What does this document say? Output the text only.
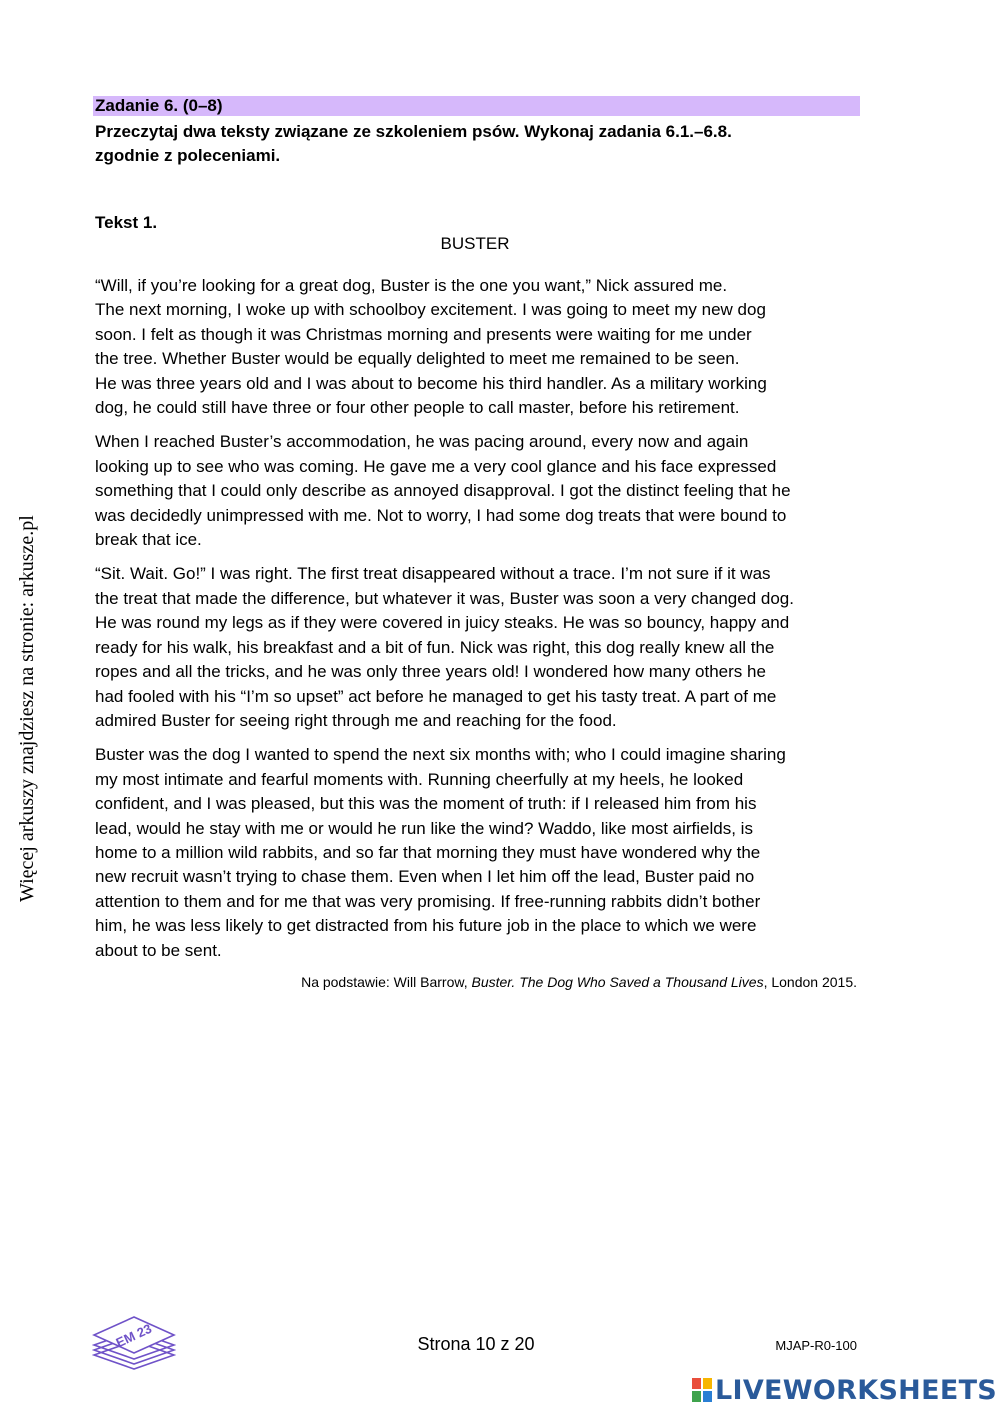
Zadanie 6. (0–8)
Przeczytaj dwa teksty związane ze szkoleniem psów. Wykonaj zadania 6.1.–6.8.
zgodnie z poleceniami.
Tekst 1.
BUSTER

“Will, if you’re looking for a great dog, Buster is the one you want,” Nick assured me.
The next morning, I woke up with schoolboy excitement. I was going to meet my new dog
soon. I felt as though it was Christmas morning and presents were waiting for me under
the tree. Whether Buster would be equally delighted to meet me remained to be seen.
He was three years old and I was about to become his third handler. As a military working
dog, he could still have three or four other people to call master, before his retirement.

When I reached Buster’s accommodation, he was pacing around, every now and again
looking up to see who was coming. He gave me a very cool glance and his face expressed
something that I could only describe as annoyed disapproval. I got the distinct feeling that he
was decidedly unimpressed with me. Not to worry, I had some dog treats that were bound to
break that ice.

“Sit. Wait. Go!” I was right. The first treat disappeared without a trace. I’m not sure if it was
the treat that made the difference, but whatever it was, Buster was soon a very changed dog.
He was round my legs as if they were covered in juicy steaks. He was so bouncy, happy and
ready for his walk, his breakfast and a bit of fun. Nick was right, this dog really knew all the
ropes and all the tricks, and he was only three years old! I wondered how many others he
had fooled with his “I’m so upset” act before he managed to get his tasty treat. A part of me
admired Buster for seeing right through me and reaching for the food.

Buster was the dog I wanted to spend the next six months with; who I could imagine sharing
my most intimate and fearful moments with. Running cheerfully at my heels, he looked
confident, and I was pleased, but this was the moment of truth: if I released him from his
lead, would he stay with me or would he run like the wind? Waddo, like most airfields, is
home to a million wild rabbits, and so far that morning they must have wondered why the
new recruit wasn’t trying to chase them. Even when I let him off the lead, Buster paid no
attention to them and for me that was very promising. If free-running rabbits didn’t bother
him, he was less likely to get distracted from his future job in the place to which we were
about to be sent.

Na podstawie: Will Barrow, Buster. The Dog Who Saved a Thousand Lives, London 2015.
Więcej arkuszy znajdziesz na stronie: arkusze.pl
EM 23	Strona 10 z 20	MJAP-R0-100
LIVEWORKSHEETS
